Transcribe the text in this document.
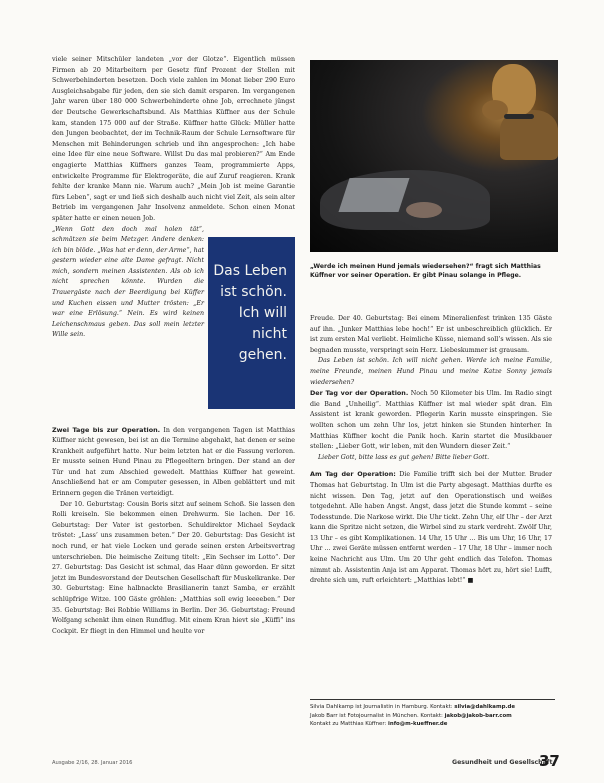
viele seiner Mitschüler landeten „vor der Glotze“. Eigentlich müssen Firmen ab 20 Mitarbeitern per Gesetz fünf Prozent der Stellen mit Schwerbehinderten besetzen. Doch viele zahlen im Monat lieber 290 Euro Ausgleichsabgabe für jeden, den sie sich damit ersparen. Im vergangenen Jahr waren über 180 000 Schwerbehinderte ohne Job, errechnete jüngst der Deutsche Gewerkschaftsbund. Als Matthias Küffner aus der Schule kam, standen 175 000 auf der Straße. Küffner hatte Glück: Müller hatte den Jungen beobachtet, der im Technik-Raum der Schule Lernsoftware für Menschen mit Behinderungen schrieb und ihn angesprochen: „Ich habe eine Idee für eine neue Software. Willst Du das mal probieren?“ Am Ende engagierte Matthias Küffners ganzes Team, programmierte Apps, entwickelte Programme für Elektrogeräte, die auf Zuruf reagieren. Krank fehlte der kranke Mann nie. Warum auch? „Mein Job ist meine Garantie fürs Leben“, sagt er und ließ sich deshalb auch nicht viel Zeit, als sein alter Betrieb im vergangenen Jahr Insolvenz anmeldete. Schon einen Monat später hatte er einen neuen Job.

„Wenn Gott den doch mal holen tät“, schmätzen sie beim Metzger. Andere denken: ich bin blöde. „Was hat er denn, der Arme“, hat gestern wieder eine alte Dame gefragt. Nicht mich, sondern meinen Assistenten. Als ob ich nicht sprechen könnte. Wurden die Trauergäste nach der Beerdigung bei Küffer und Kuchen eissen und Mutter trösten: „Er war eine Erlösung.“ Nein. Es wird keinen Leichenschmaus geben. Das soll mein letzter Wille sein.

Das Leben ist schön. Ich will nicht gehen.

Zwei Tage bis zur Operation. In den vergangenen Tagen ist Matthias Küffner nicht gewesen, bei ist an die Termine abgehakt, hat denen er seine Krankheit aufgeführt hatte. Nur beim letzten hat er die Fassung verloren. Er musste seinen Hund Pinau zu Pflegeeltern bringen. Der stand an der Tür und hat zum Abschied gewedelt. Matthias Küffner hat geweint. Anschließend hat er am Computer gesessen, in Alben geblättert und mit Erinnern gegen die Tränen verteidigt.

Der 10. Geburtstag: Cousin Boris sitzt auf seinem Schoß. Sie lassen den Rolli kreiseln. Sie bekommen einen Drehwurm. Sie lachen. Der 16. Geburtstag: Der Vater ist gestorben. Schuldirektor Michael Seydack tröstet: „Lass’ uns zusammen beten.“ Der 20. Geburtstag: Das Gesicht ist noch rund, er hat viele Locken und gerade seinen ersten Arbeitsvertrag unterschrieben. Die heimische Zeitung titelt: „Ein Sechser im Lotto“. Der 27. Geburtstag: Das Gesicht ist schmal, das Haar dünn geworden. Er sitzt jetzt im Bundesvorstand der Deutschen Gesellschaft für Muskelkranke. Der 30. Geburtstag: Eine halbnackte Brasilianerin tanzt Samba, er erzählt schlüpfrige Witze. 100 Gäste gröhlen: „Matthias soll ewig leeeeben.“ Der 35. Geburtstag: Bei Robbie Williams in Berlin. Der 36. Geburtstag: Freund Wolfgang schenkt ihm einen Rundflug. Mit einem Kran hievt sie „Küffi“ ins Cockpit. Er fliegt in den Himmel und heulte vor

„Werde ich meinen Hund jemals wiedersehen?“ fragt sich Matthias Küffner vor seiner Operation. Er gibt Pinau solange in Pflege.

Freude. Der 40. Geburtstag: Bei einem Mineralienfest trinken 135 Gäste auf ihn. „Junker Matthias lebe hoch!“ Er ist unbeschreiblich glücklich. Er ist zum ersten Mal verliebt. Heimliche Küsse, niemand soll’s wissen. Als sie begnaden musste, verspringt sein Herz. Liebeskummer ist grausam.

Das Leben ist schön. Ich will nicht gehen. Werde ich meine Familie, meine Freunde, meinen Hund Pinau und meine Katze Sonny jemals wiedersehen?

Der Tag vor der Operation. Noch 50 Kilometer bis Ulm. Im Radio singt die Band „Unheilig“. Matthias Küffner ist mal wieder spät dran. Ein Assistent ist krank geworden. Pflegerin Karin musste einspringen. Sie wollten schon um zehn Uhr los, jetzt hinken sie Stunden hinterher. In Matthias Küffner kocht die Panik hoch. Karin startet die Musikbauer stellen: „Lieber Gott, wir leben, mit den Wundern dieser Zeit.“

Lieber Gott, bitte lass es gut gehen! Bitte lieber Gott.

Am Tag der Operation: Die Familie trifft sich bei der Mutter. Bruder Thomas hat Geburtstag. In Ulm ist die Party abgesagt. Matthias durfte es nicht wissen. Den Tag, jetzt auf den Operationstisch und weißes totgedehnt. Alle haben Angst. Angst, dass jetzt die Stunde kommt – seine Todesstunde. Die Narkose wirkt. Die Uhr tickt. Zehn Uhr, elf Uhr – der Arzt kann die Spritze nicht setzen, die Wirbel sind zu stark verdreht. Zwölf Uhr, 13 Uhr – es gibt Komplikationen. 14 Uhr, 15 Uhr … Bis um Uhr, 16 Uhr, 17 Uhr … zwei Geräte müssen entfernt werden – 17 Uhr, 18 Uhr – immer noch keine Nachricht aus Ulm. Um 20 Uhr geht endlich das Telefon. Thomas nimmt ab. Assistentin Anja ist am Apparat. Thomas hört zu, hört sie! Lufft, drehte sich um, ruft erleichtert: „Matthias lebt!“ ■

Silvia Dahlkamp ist Journalistin in Hamburg. Kontakt: silvia@dahlkamp.de
Jakob Barr ist Fotojournalist in München. Kontakt: jakob@jakob-barr.com
Kontakt zu Matthias Küffner: info@m-kueffner.de
Ausgabe 2/16, 28. Januar 2016	Gesundheit und Gesellschaft
37
